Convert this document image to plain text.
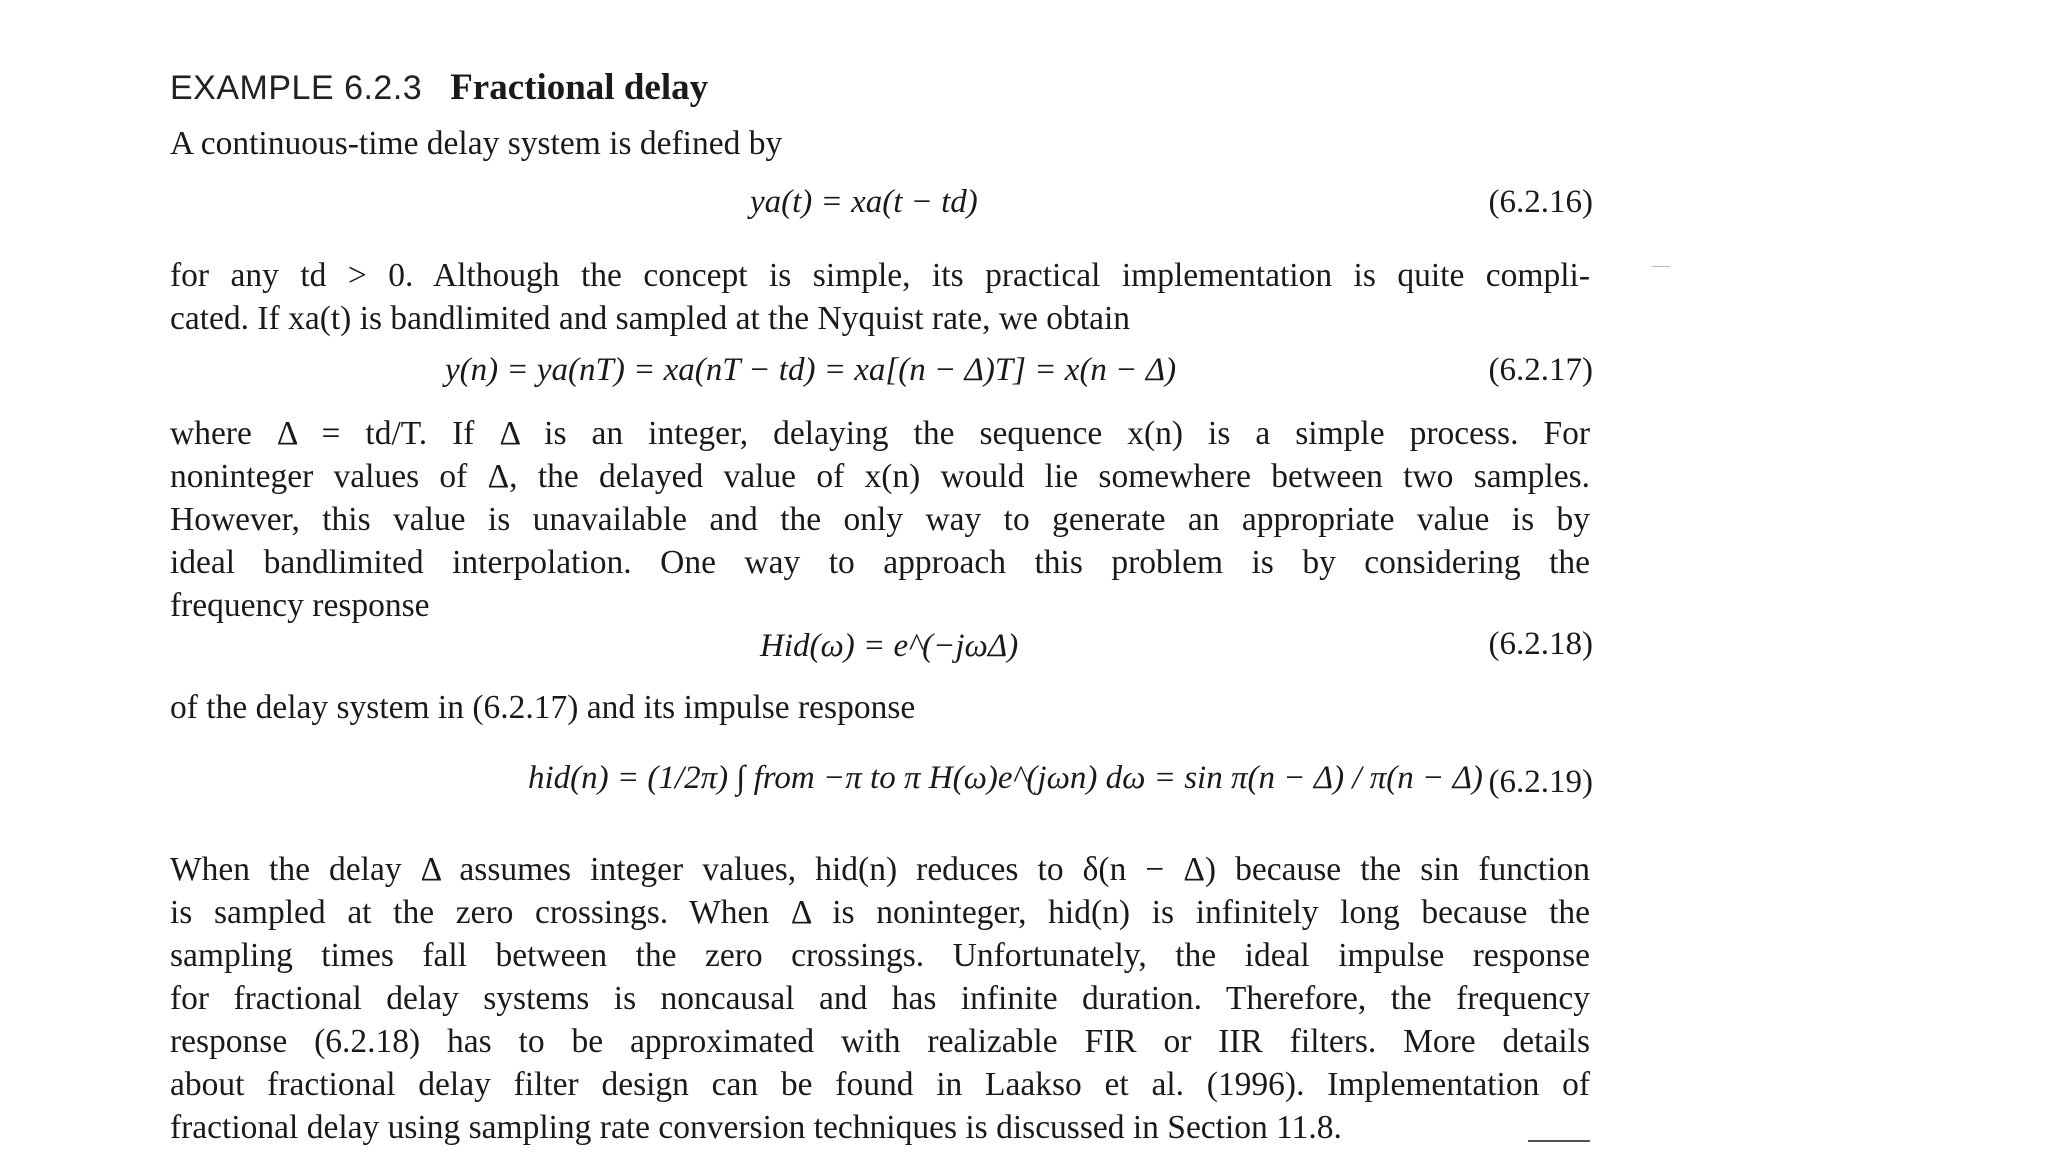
EXAMPLE 6.2.3 Fractional delay
A continuous-time delay system is defined by
ya(t) = xa(t − td)	(6.2.16)
for any td > 0. Although the concept is simple, its practical implementation is quite compli-
cated. If xa(t) is bandlimited and sampled at the Nyquist rate, we obtain
y(n) = ya(nT) = xa(nT − td) = xa[(n − Δ)T] = x(n − Δ)	(6.2.17)
where Δ = td/T. If Δ is an integer, delaying the sequence x(n) is a simple process. For
noninteger values of Δ, the delayed value of x(n) would lie somewhere between two samples.
However, this value is unavailable and the only way to generate an appropriate value is by
ideal bandlimited interpolation. One way to approach this problem is by considering the
frequency response
Hid(ω) = e^(−jωΔ)	(6.2.18)
of the delay system in (6.2.17) and its impulse response
hid(n) = (1/2π) ∫ from −π to π H(ω)e^(jωn) dω = sin π(n − Δ) / π(n − Δ) (6.2.19)
When the delay Δ assumes integer values, hid(n) reduces to δ(n − Δ) because the sin function
is sampled at the zero crossings. When Δ is noninteger, hid(n) is infinitely long because the
sampling times fall between the zero crossings. Unfortunately, the ideal impulse response
for fractional delay systems is noncausal and has infinite duration. Therefore, the frequency
response (6.2.18) has to be approximated with realizable FIR or IIR filters. More details
about fractional delay filter design can be found in Laakso et al. (1996). Implementation of
fractional delay using sampling rate conversion techniques is discussed in Section 11.8.
